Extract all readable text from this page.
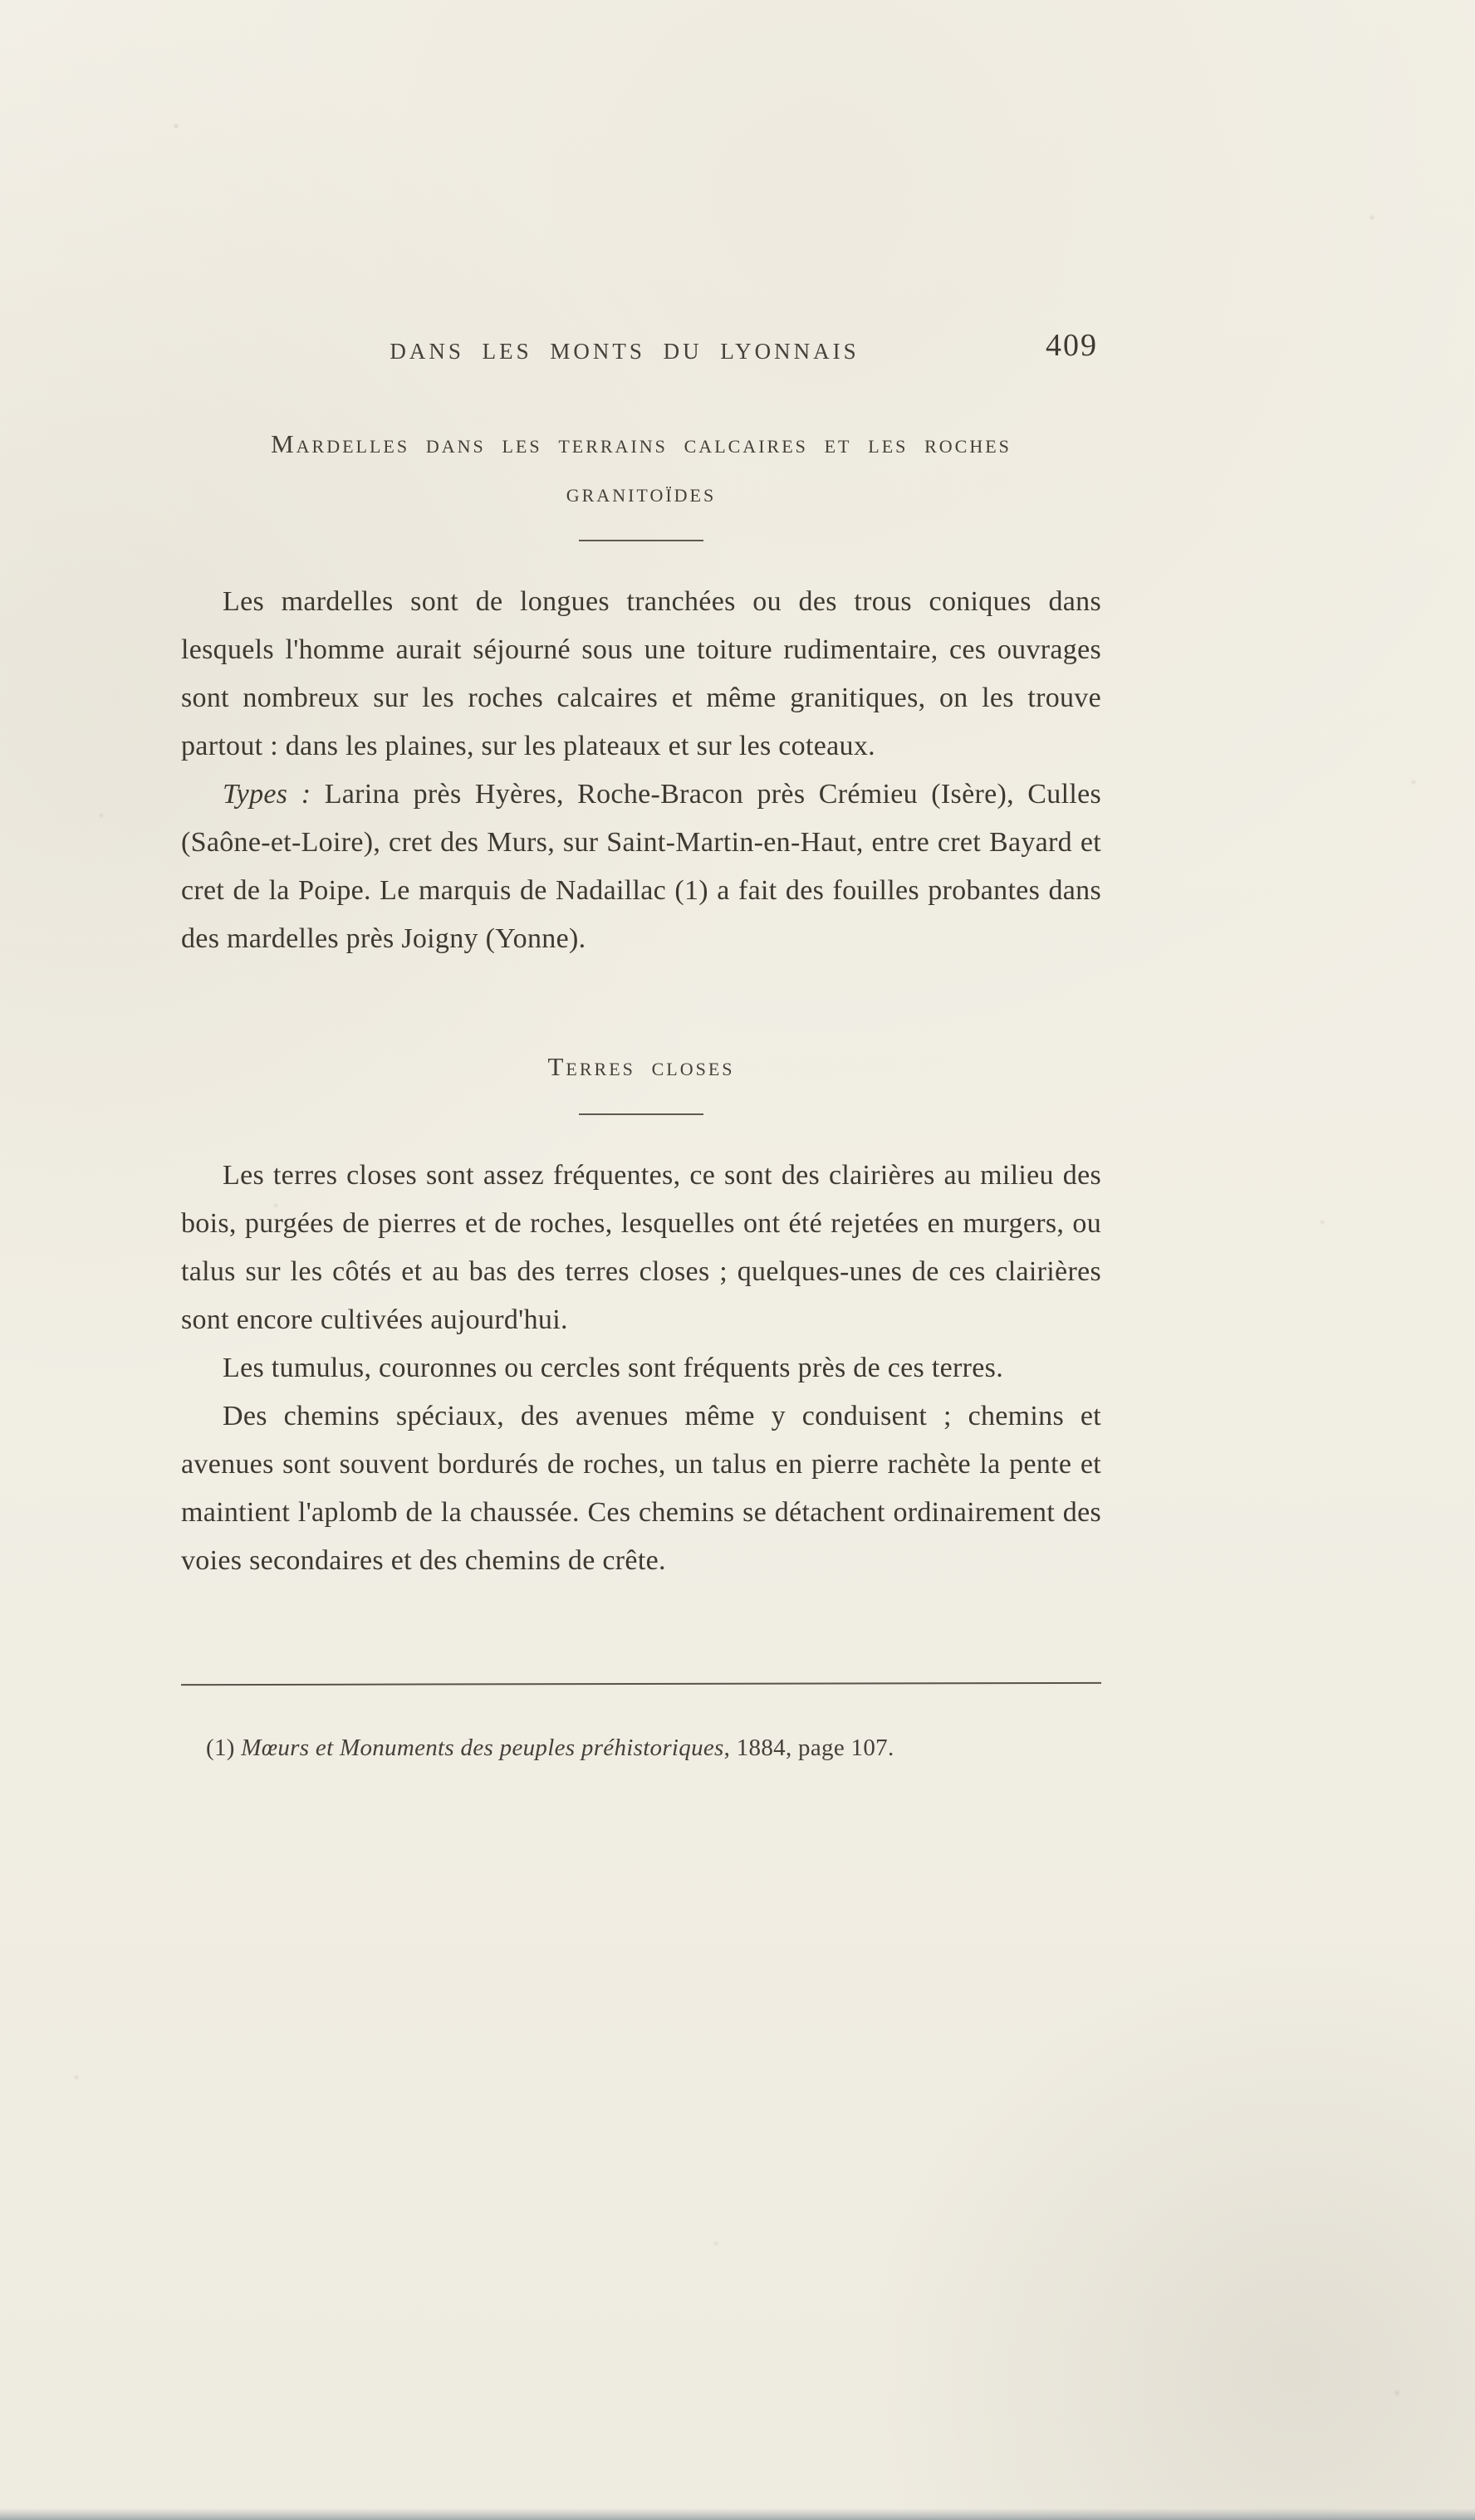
DANS LES MONTS DU LYONNAIS	409
Mardelles dans les terrains calcaires et les roches
granitoïdes

Les mardelles sont de longues tranchées ou des trous coniques dans lesquels l'homme aurait séjourné sous une toiture rudimentaire, ces ouvrages sont nombreux sur les roches calcaires et même granitiques, on les trouve partout : dans les plaines, sur les plateaux et sur les coteaux.

Types : Larina près Hyères, Roche-Bracon près Crémieu (Isère), Culles (Saône-et-Loire), cret des Murs, sur Saint-Martin-en-Haut, entre cret Bayard et cret de la Poipe. Le marquis de Nadaillac (1) a fait des fouilles probantes dans des mardelles près Joigny (Yonne).

Terres closes

Les terres closes sont assez fréquentes, ce sont des clairières au milieu des bois, purgées de pierres et de roches, lesquelles ont été rejetées en murgers, ou talus sur les côtés et au bas des terres closes ; quelques-unes de ces clairières sont encore cultivées aujourd'hui.

Les tumulus, couronnes ou cercles sont fréquents près de ces terres.

Des chemins spéciaux, des avenues même y conduisent ; chemins et avenues sont souvent bordurés de roches, un talus en pierre rachète la pente et maintient l'aplomb de la chaussée. Ces chemins se détachent ordinairement des voies secondaires et des chemins de crête.

(1) Mœurs et Monuments des peuples préhistoriques, 1884, page 107.
